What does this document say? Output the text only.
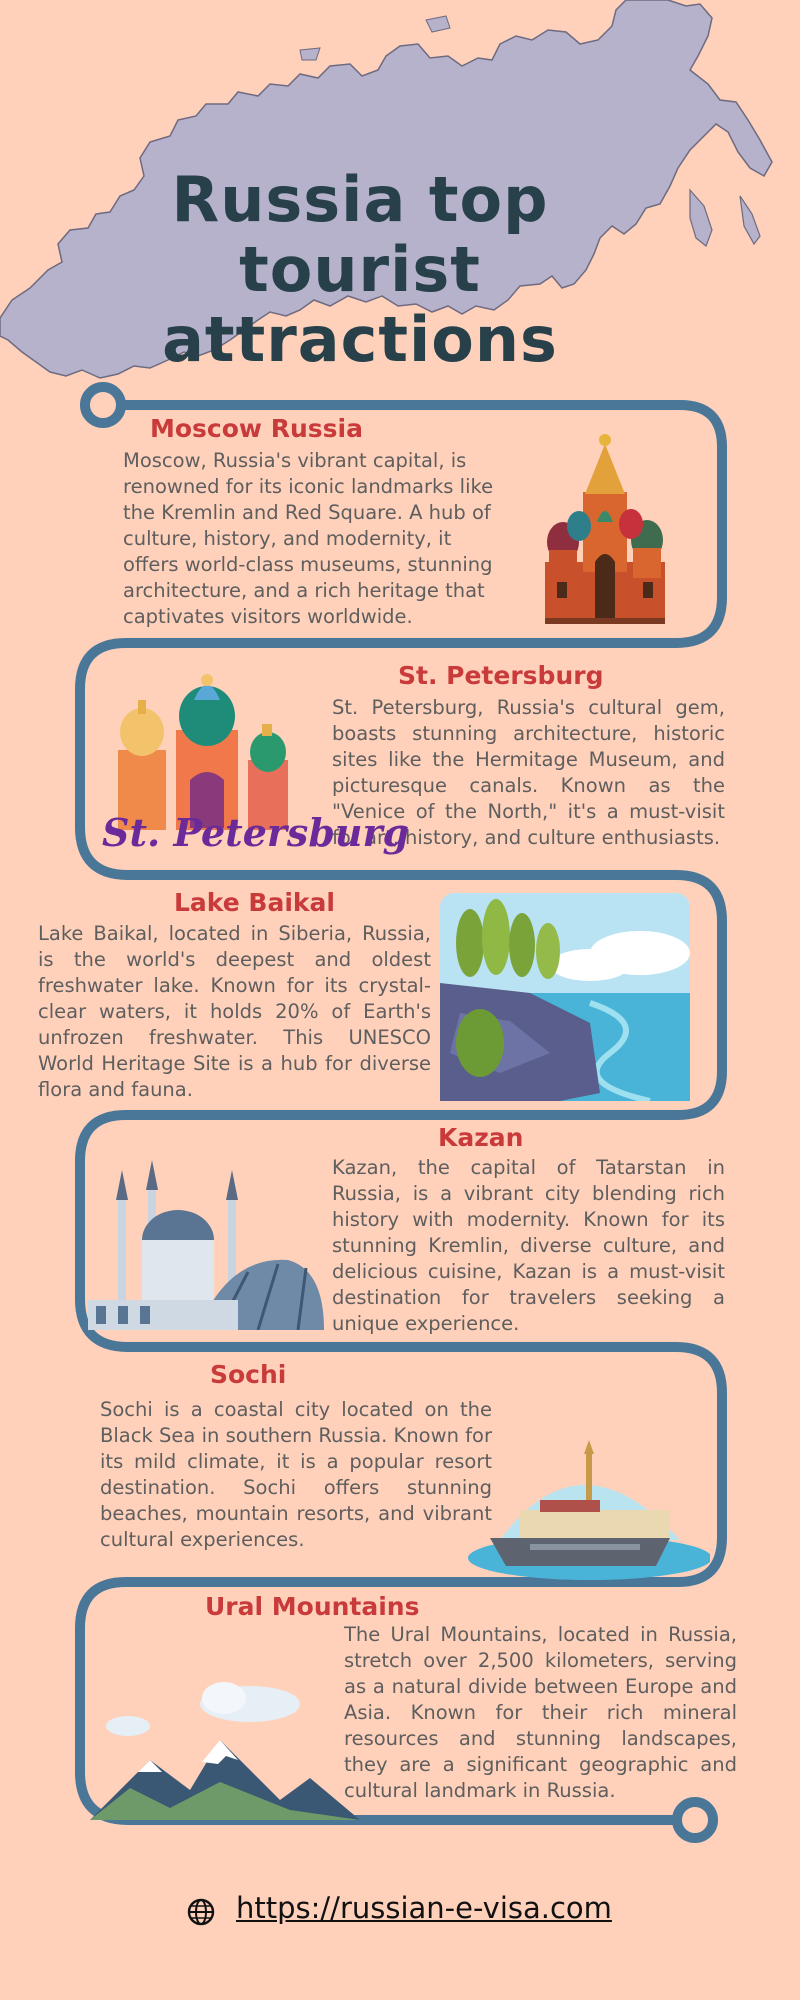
Russia top tourist attractions
Moscow Russia
Moscow, Russia's vibrant capital, is renowned for its iconic landmarks like the Kremlin and Red Square. A hub of culture, history, and modernity, it offers world-class museums, stunning architecture, and a rich heritage that captivates visitors worldwide.
St. Petersburg
St. Petersburg, Russia's cultural gem, boasts stunning architecture, historic sites like the Hermitage Museum, and picturesque canals. Known as the "Venice of the North," it's a must-visit for art, history, and culture enthusiasts.
St. Petersburg
Lake Baikal
Lake Baikal, located in Siberia, Russia, is the world's deepest and oldest freshwater lake. Known for its crystal-clear waters, it holds 20% of Earth's unfrozen freshwater. This UNESCO World Heritage Site is a hub for diverse flora and fauna.
Kazan
Kazan, the capital of Tatarstan in Russia, is a vibrant city blending rich history with modernity. Known for its stunning Kremlin, diverse culture, and delicious cuisine, Kazan is a must-visit destination for travelers seeking a unique experience.
Sochi
Sochi is a coastal city located on the Black Sea in southern Russia. Known for its mild climate, it is a popular resort destination. Sochi offers stunning beaches, mountain resorts, and vibrant cultural experiences.
Ural Mountains
The Ural Mountains, located in Russia, stretch over 2,500 kilometers, serving as a natural divide between Europe and Asia. Known for their rich mineral resources and stunning landscapes, they are a significant geographic and cultural landmark in Russia.
https://russian-e-visa.com
